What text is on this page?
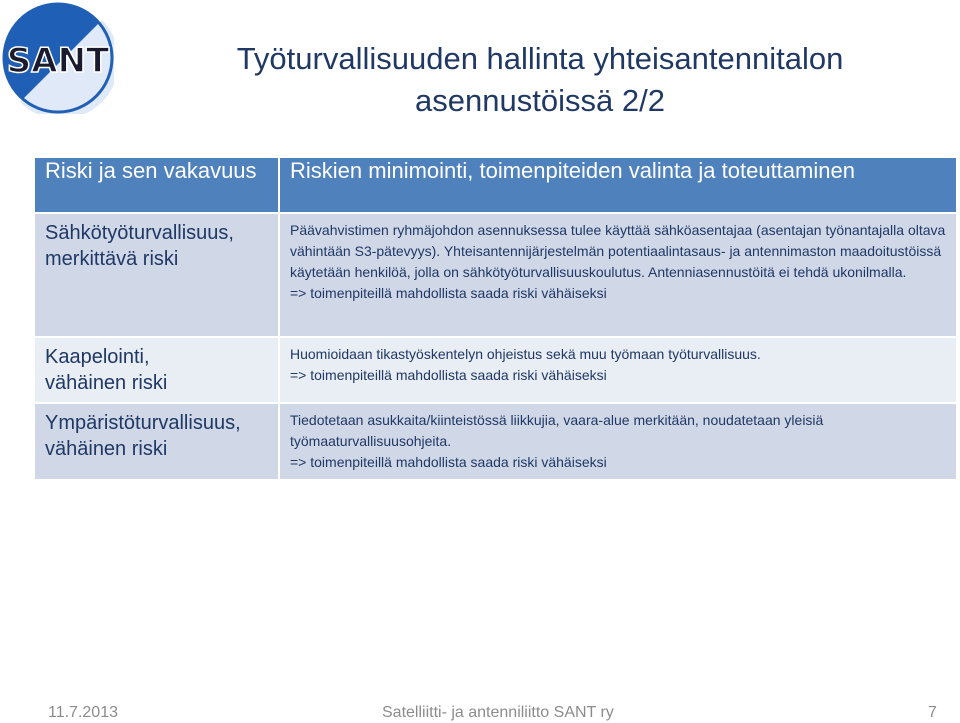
SANT	Työturvallisuuden hallinta yhteisantennitalon
asennustöissä 2/2
Riski ja sen vakavuus	Riskien minimointi, toimenpiteiden valinta ja toteuttaminen

Sähkötyöturvallisuus,
merkittävä riski	Päävahvistimen ryhmäjohdon asennuksessa tulee käyttää sähköasentajaa (asentajan työnantajalla oltava vähintään S3-pätevyys). Yhteisantennijärjestelmän potentiaalintasaus- ja antennimaston maadoitustöissä käytetään henkilöä, jolla on sähkötyöturvallisuuskoulutus. Antenniasennustöitä ei tehdä ukonilmalla.
=> toimenpiteillä mahdollista saada riski vähäiseksi

Kaapelointi,
vähäinen riski	Huomioidaan tikastyöskentelyn ohjeistus sekä muu työmaan työturvallisuus.
=> toimenpiteillä mahdollista saada riski vähäiseksi

Ympäristöturvallisuus,
vähäinen riski	Tiedotetaan asukkaita/kiinteistössä liikkujia, vaara-alue merkitään, noudatetaan yleisiä työmaaturvallisuusohjeita.
=> toimenpiteillä mahdollista saada riski vähäiseksi
11.7.2013	Satelliitti- ja antenniliitto SANT ry	7
